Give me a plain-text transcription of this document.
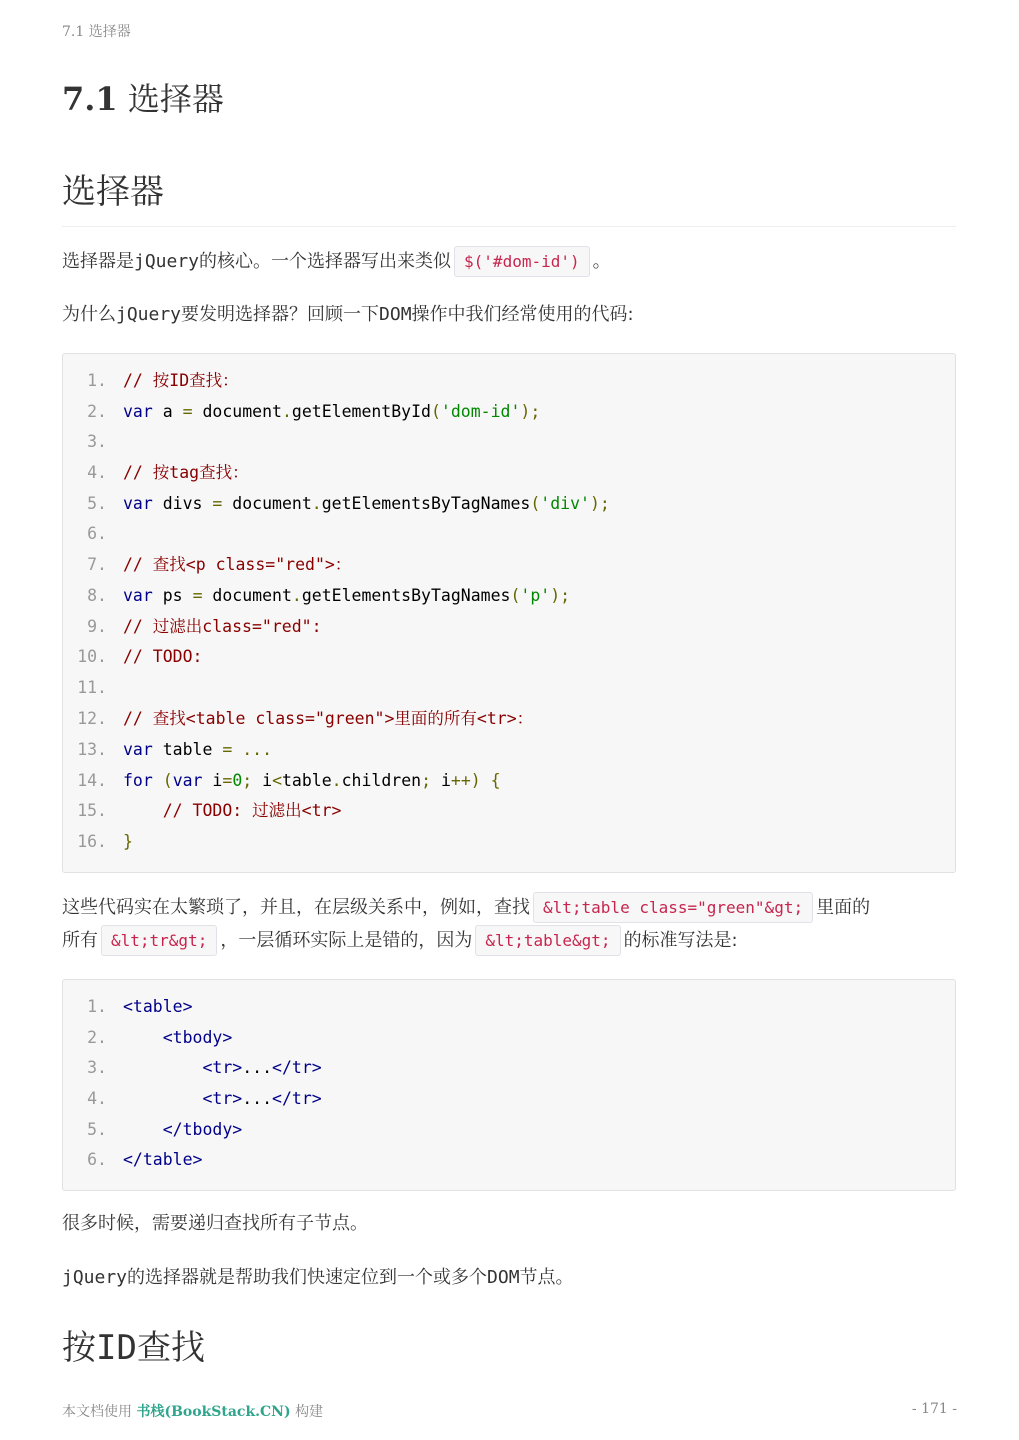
7.1 选择器
7.1 选择器
选择器

选择器是jQuery的核心。一个选择器写出来类似 $('#dom-id') 。

为什么jQuery要发明选择器？回顾一下DOM操作中我们经常使用的代码:

1. // 按ID查找：
2. var a = document.getElementById('dom-id');
3.
4. // 按tag查找：
5. var divs = document.getElementsByTagNames('div');
6.
7. // 查找<p class="red">：
8. var ps = document.getElementsByTagNames('p');
9. // 过滤出class="red":
10. // TODO:
11.
12. // 查找<table class="green">里面的所有<tr>：
13. var table = ...
14. for (var i=0; i<table.children; i++) {
15.    // TODO: 过滤出<tr>
16. }

这些代码实在太繁琐了，并且，在层级关系中，例如，查找 &lt;table class="green"&gt; 里面的
所有 &lt;tr&gt; ，一层循环实际上是错的，因为 &lt;table&gt; 的标准写法是:

1. <table>
2.    <tbody>
3.        <tr>...</tr>
4.        <tr>...</tr>
5.    </tbody>
6. </table>

很多时候，需要递归查找所有子节点。

jQuery的选择器就是帮助我们快速定位到一个或多个DOM节点。

按ID查找
本文档使用 书栈(BookStack.CN) 构建	- 171 -
